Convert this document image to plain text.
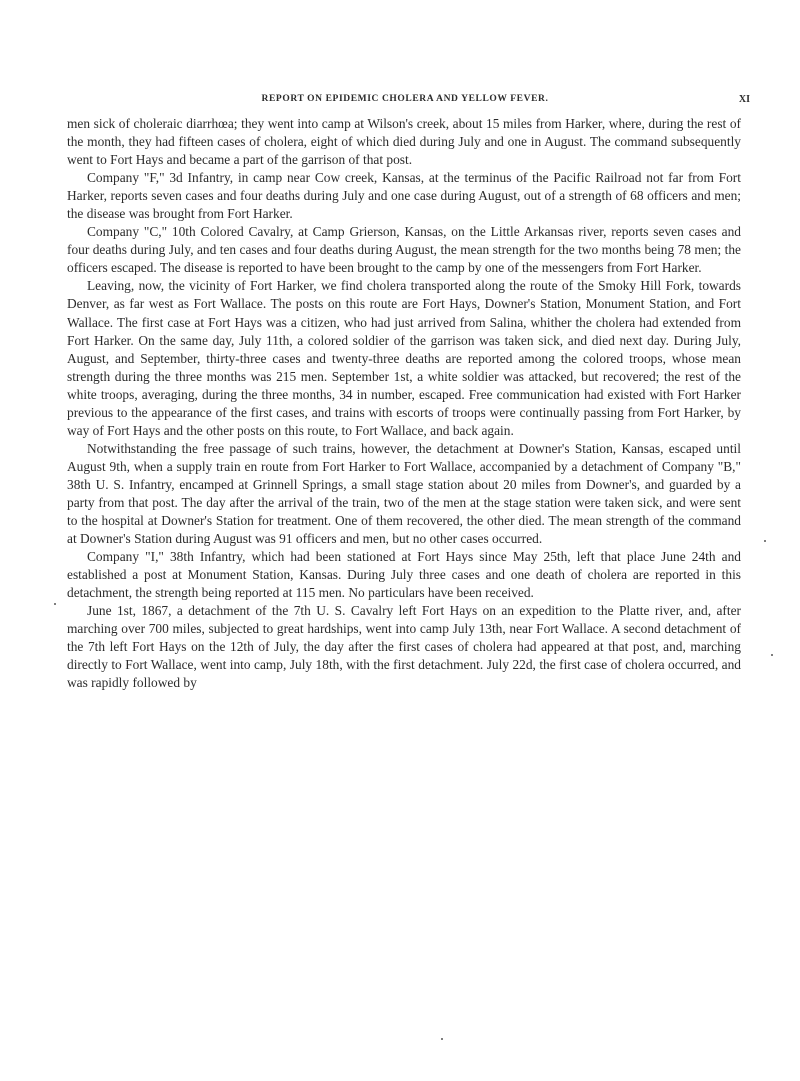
REPORT ON EPIDEMIC CHOLERA AND YELLOW FEVER.	XI

men sick of choleraic diarrhœa; they went into camp at Wilson's creek, about 15 miles from Harker, where, during the rest of the month, they had fifteen cases of cholera, eight of which died during July and one in August. The command subsequently went to Fort Hays and became a part of the garrison of that post.

Company "F," 3d Infantry, in camp near Cow creek, Kansas, at the terminus of the Pacific Railroad not far from Fort Harker, reports seven cases and four deaths during July and one case during August, out of a strength of 68 officers and men; the disease was brought from Fort Harker.

Company "C," 10th Colored Cavalry, at Camp Grierson, Kansas, on the Little Arkansas river, reports seven cases and four deaths during July, and ten cases and four deaths during August, the mean strength for the two months being 78 men; the officers escaped. The disease is reported to have been brought to the camp by one of the messengers from Fort Harker.

Leaving, now, the vicinity of Fort Harker, we find cholera transported along the route of the Smoky Hill Fork, towards Denver, as far west as Fort Wallace. The posts on this route are Fort Hays, Downer's Station, Monument Station, and Fort Wallace. The first case at Fort Hays was a citizen, who had just arrived from Salina, whither the cholera had extended from Fort Harker. On the same day, July 11th, a colored soldier of the garrison was taken sick, and died next day. During July, August, and September, thirty-three cases and twenty-three deaths are reported among the colored troops, whose mean strength during the three months was 215 men. September 1st, a white soldier was attacked, but recovered; the rest of the white troops, averaging, during the three months, 34 in number, escaped. Free communication had existed with Fort Harker previous to the appearance of the first cases, and trains with escorts of troops were continually passing from Fort Harker, by way of Fort Hays and the other posts on this route, to Fort Wallace, and back again.

Notwithstanding the free passage of such trains, however, the detachment at Downer's Station, Kansas, escaped until August 9th, when a supply train en route from Fort Harker to Fort Wallace, accompanied by a detachment of Company "B," 38th U. S. Infantry, encamped at Grinnell Springs, a small stage station about 20 miles from Downer's, and guarded by a party from that post. The day after the arrival of the train, two of the men at the stage station were taken sick, and were sent to the hospital at Downer's Station for treatment. One of them recovered, the other died. The mean strength of the command at Downer's Station during August was 91 officers and men, but no other cases occurred.

Company "I," 38th Infantry, which had been stationed at Fort Hays since May 25th, left that place June 24th and established a post at Monument Station, Kansas. During July three cases and one death of cholera are reported in this detachment, the strength being reported at 115 men. No particulars have been received.

June 1st, 1867, a detachment of the 7th U. S. Cavalry left Fort Hays on an expedition to the Platte river, and, after marching over 700 miles, subjected to great hardships, went into camp July 13th, near Fort Wallace. A second detachment of the 7th left Fort Hays on the 12th of July, the day after the first cases of cholera had appeared at that post, and, marching directly to Fort Wallace, went into camp, July 18th, with the first detachment. July 22d, the first case of cholera occurred, and was rapidly followed by
